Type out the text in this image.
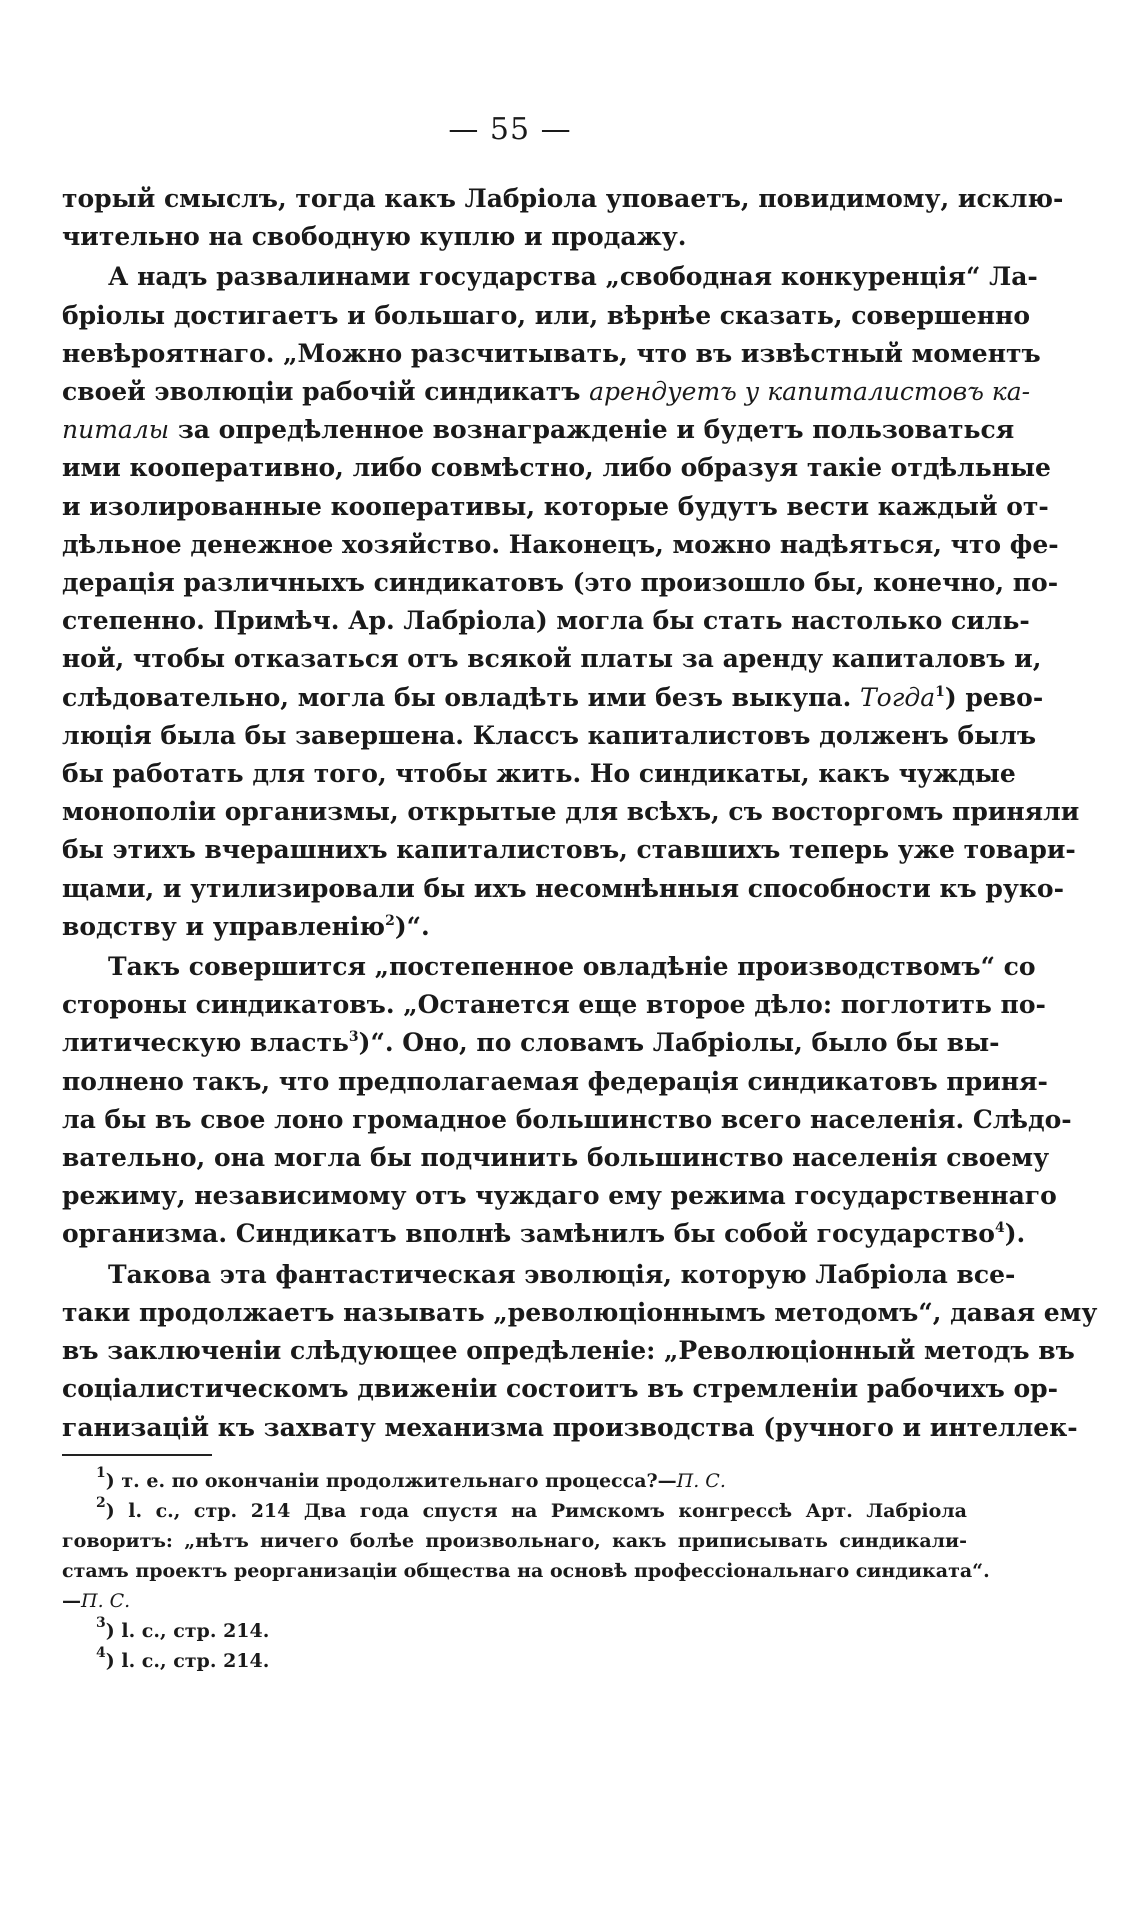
— 55 —
торый смыслъ, тогда какъ Лабріола уповаетъ, повидимому, исклю-
чительно на свободную куплю и продажу.
А надъ развалинами государства „свободная конкуренція“ Ла-
бріолы достигаетъ и большаго, или, вѣрнѣе сказать, совершенно
невѣроятнаго. „Можно разсчитывать, что въ извѣстный моментъ
своей эволюціи рабочій синдикатъ арендуетъ у капиталистовъ ка-
питалы за опредѣленное вознагражденіе и будетъ пользоваться
ими кооперативно, либо совмѣстно, либо образуя такіе отдѣльные
и изолированные кооперативы, которые будутъ вести каждый от-
дѣльное денежное хозяйство. Наконецъ, можно надѣяться, что фе-
дерація различныхъ синдикатовъ (это произошло бы, конечно, по-
степенно. Примѣч. Ар. Лабріола) могла бы стать настолько силь-
ной, чтобы отказаться отъ всякой платы за аренду капиталовъ и,
слѣдовательно, могла бы овладѣть ими безъ выкупа. Тогда$^1$) рево-
люція была бы завершена. Классъ капиталистовъ долженъ былъ
бы работать для того, чтобы жить. Но синдикаты, какъ чуждые
монополіи организмы, открытые для всѣхъ, съ восторгомъ приняли
бы этихъ вчерашнихъ капиталистовъ, ставшихъ теперь уже товари-
щами, и утилизировали бы ихъ несомнѣнныя способности къ руко-
водству и управленію$^2$)“.
Такъ совершится „постепенное овладѣніе производствомъ“ со
стороны синдикатовъ. „Останется еще второе дѣло: поглотить по-
литическую власть$^3$)“. Оно, по словамъ Лабріолы, было бы вы-
полнено такъ, что предполагаемая федерація синдикатовъ приня-
ла бы въ свое лоно громадное большинство всего населенія. Слѣдо-
вательно, она могла бы подчинить большинство населенія своему
режиму, независимому отъ чуждаго ему режима государственнаго
организма. Синдикатъ вполнѣ замѣнилъ бы собой государство$^4$).
Такова эта фантастическая эволюція, которую Лабріола все-
таки продолжаетъ называть „революціоннымъ методомъ“, давая ему
въ заключеніи слѣдующее опредѣленіе: „Революціонный методъ въ
соціалистическомъ движеніи состоитъ въ стремленіи рабочихъ ор-
ганизацій къ захвату механизма производства (ручного и интеллек-
$^1$) т. е. по окончаніи продолжительнаго процесса?—П. С.
$^2$) l. c., стр. 214 Два года спустя на Римскомъ конгрессѣ Арт. Лабріола
говоритъ: „нѣтъ ничего болѣе произвольнаго, какъ приписывать синдикали-
стамъ проектъ реорганизаціи общества на основѣ профессіональнаго синдиката“.
—П. С.
$^3$) l. c., стр. 214.
$^4$) l. c., стр. 214.
